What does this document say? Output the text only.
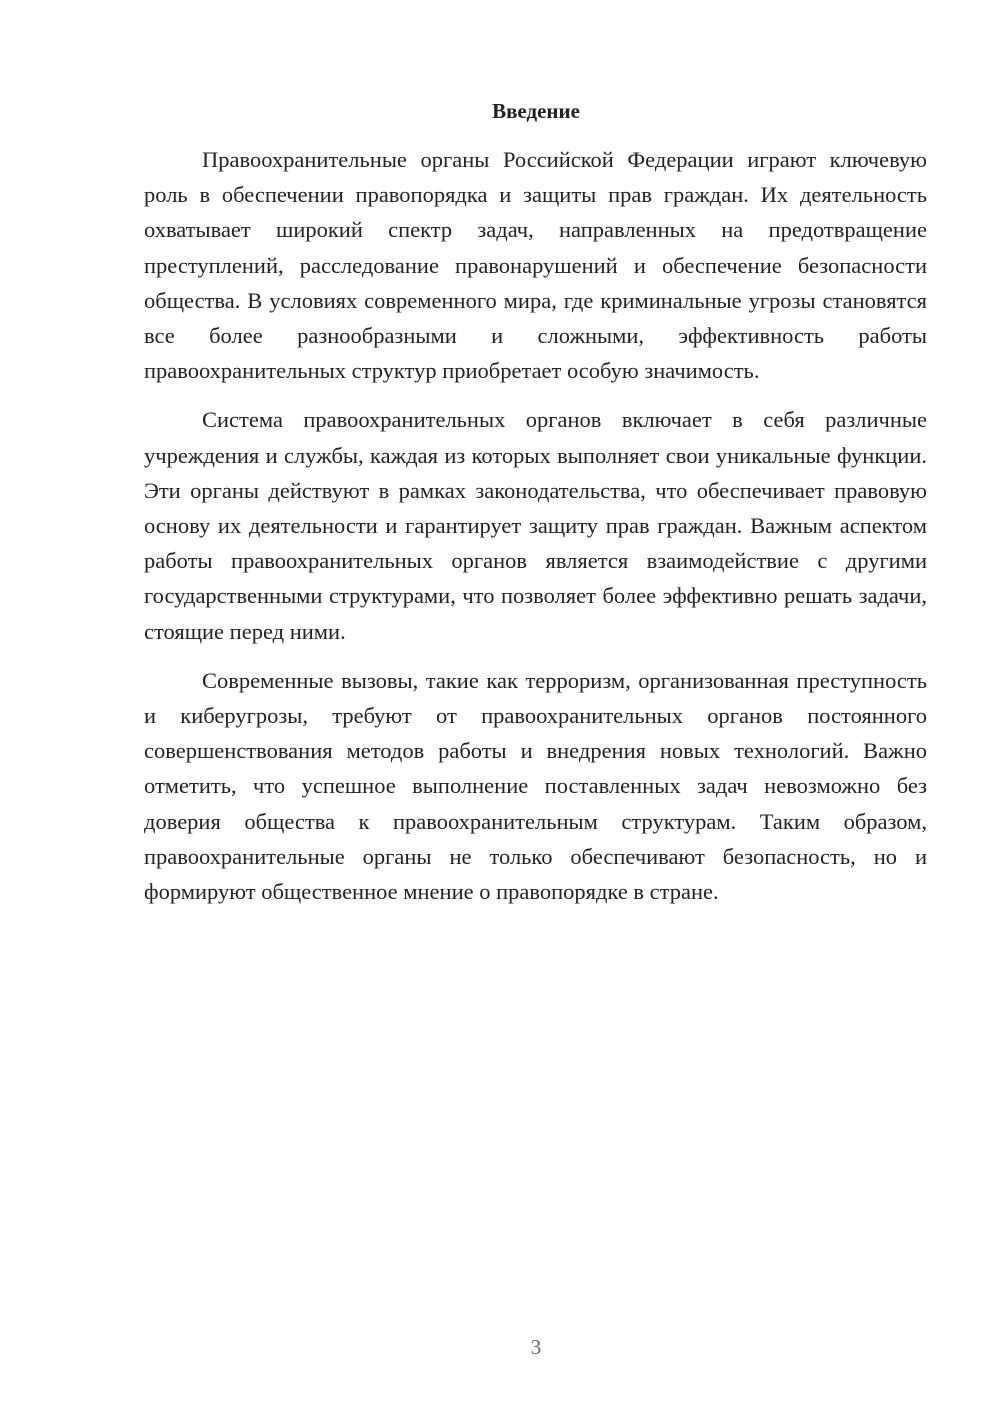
Введение

Правоохранительные органы Российской Федерации играют ключевую роль в обеспечении правопорядка и защиты прав граждан. Их деятельность охватывает широкий спектр задач, направленных на предотвращение преступлений, расследование правонарушений и обеспечение безопасности общества. В условиях современного мира, где криминальные угрозы становятся все более разнообразными и сложными, эффективность работы правоохранительных структур приобретает особую значимость.

Система правоохранительных органов включает в себя различные учреждения и службы, каждая из которых выполняет свои уникальные функции. Эти органы действуют в рамках законодательства, что обеспечивает правовую основу их деятельности и гарантирует защиту прав граждан. Важным аспектом работы правоохранительных органов является взаимодействие с другими государственными структурами, что позволяет более эффективно решать задачи, стоящие перед ними.

Современные вызовы, такие как терроризм, организованная преступность и киберугрозы, требуют от правоохранительных органов постоянного совершенствования методов работы и внедрения новых технологий. Важно отметить, что успешное выполнение поставленных задач невозможно без доверия общества к правоохранительным структурам. Таким образом, правоохранительные органы не только обеспечивают безопасность, но и формируют общественное мнение о правопорядке в стране.

3
